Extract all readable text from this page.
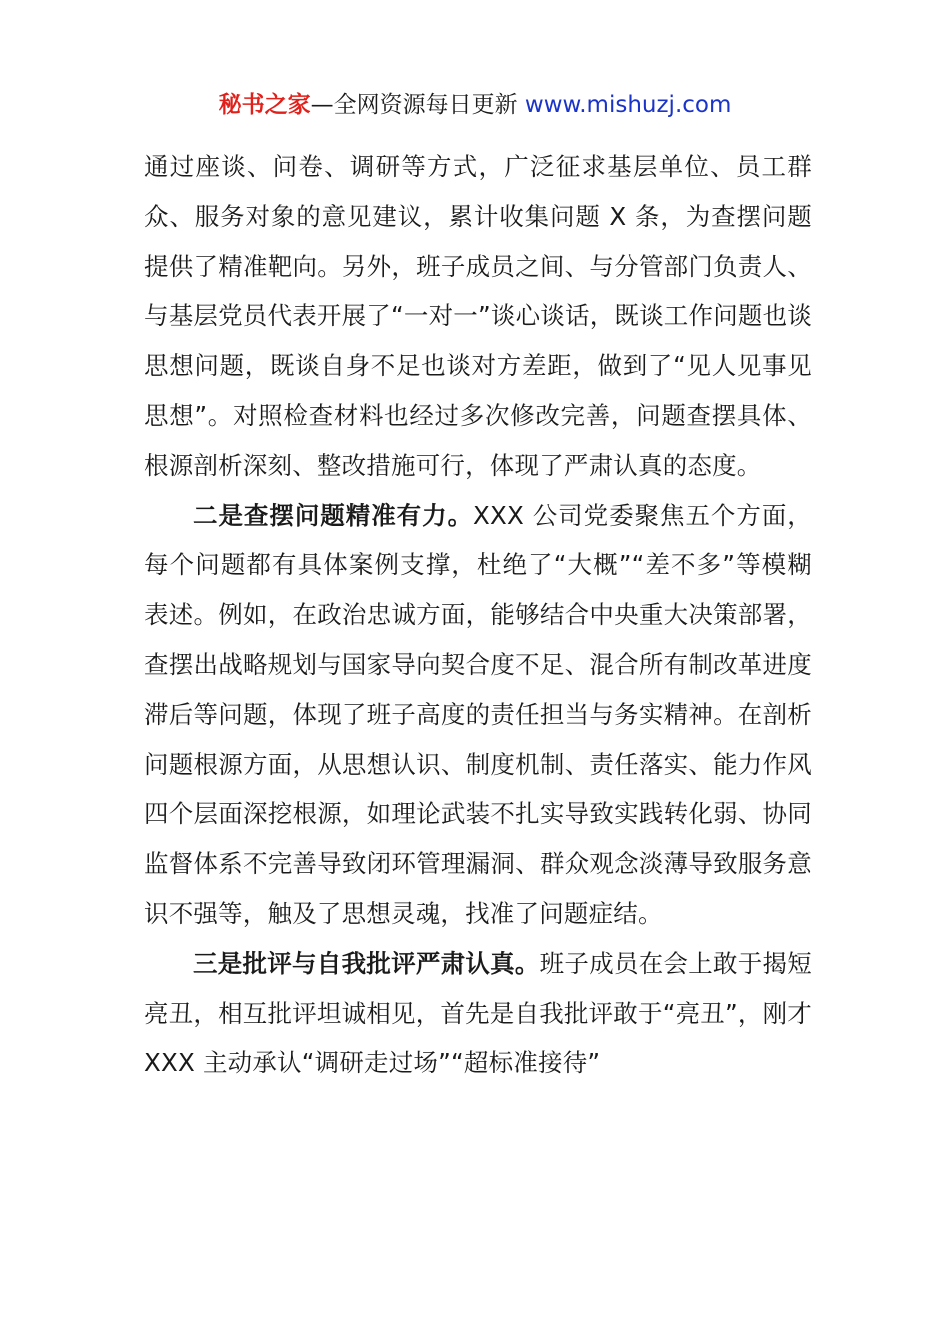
秘书之家—全网资源每日更新 www.mishuzj.com

通过座谈、问卷、调研等方式，广泛征求基层单位、员工群众、服务对象的意见建议，累计收集问题 X 条，为查摆问题提供了精准靶向。另外，班子成员之间、与分管部门负责人、与基层党员代表开展了“一对一”谈心谈话，既谈工作问题也谈思想问题，既谈自身不足也谈对方差距，做到了“见人见事见思想”。对照检查材料也经过多次修改完善，问题查摆具体、根源剖析深刻、整改措施可行，体现了严肃认真的态度。

二是查摆问题精准有力。XXX 公司党委聚焦五个方面，每个问题都有具体案例支撑，杜绝了“大概”“差不多”等模糊表述。例如，在政治忠诚方面，能够结合中央重大决策部署，查摆出战略规划与国家导向契合度不足、混合所有制改革进度滞后等问题，体现了班子高度的责任担当与务实精神。在剖析问题根源方面，从思想认识、制度机制、责任落实、能力作风四个层面深挖根源，如理论武装不扎实导致实践转化弱、协同监督体系不完善导致闭环管理漏洞、群众观念淡薄导致服务意识不强等，触及了思想灵魂，找准了问题症结。

三是批评与自我批评严肃认真。班子成员在会上敢于揭短亮丑，相互批评坦诚相见，首先是自我批评敢于“亮丑”，刚才 XXX 主动承认“调研走过场”“超标准接待”
